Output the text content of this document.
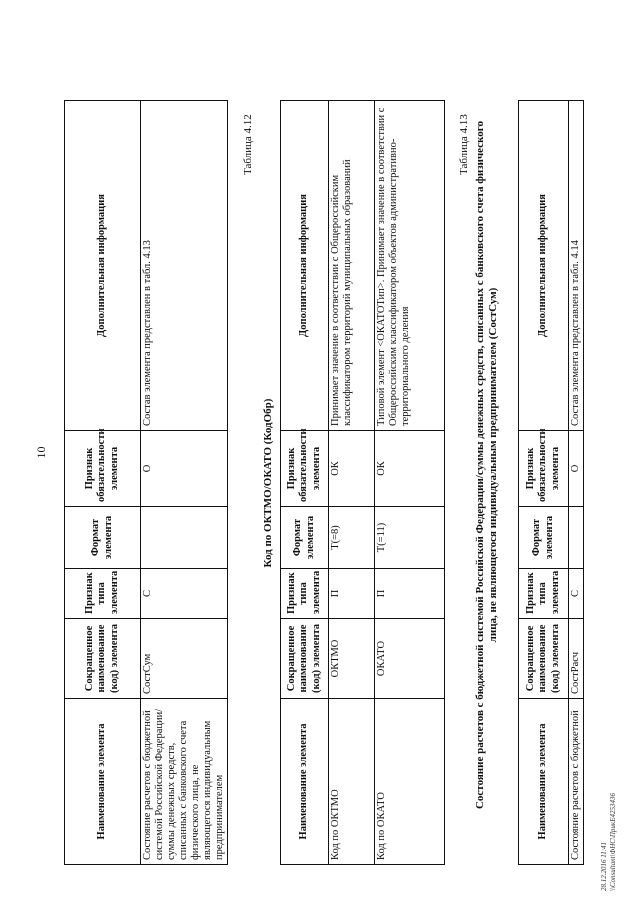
10
Наименование элемента	Сокращенное наименование (код) элемента	Признак типа элемента	Формат элемента	Признак обязательности элемента	Дополнительная информация
Состояние расчетов с бюджетной системой Российской Федерации/суммы денежных средств, списанных с банковского счета физического лица, не являющегося индивидуальным предпринимателем	СостСум	С		О	Состав элемента представлен в табл. 4.13
Таблица 4.12
Код по ОКТМО/ОКАТО (КодОбр)
Наименование элемента	Сокращенное наименование (код) элемента	Признак типа элемента	Формат элемента	Признак обязательности элемента	Дополнительная информация
Код по ОКТМО	ОКТМО	П	T(=8)	ОК	Принимает значение в соответствии с Общероссийским классификатором территорий муниципальных образований
Код по ОКАТО	ОКАТО	П	T(=11)	ОК	Типовой элемент <ОКАТОТип>. Принимает значение в соответствии с Общероссийским классификатором объектов административно-территориального деления
Таблица 4.13 Состояние расчетов с бюджетной системой Российской Федерации/суммы денежных средств, списанных с банковского счета физического лица, не являющегося индивидуальным предпринимателем (СостСум)
Наименование элемента	Сокращенное наименование (код) элемента	Признак типа элемента	Формат элемента	Признак обязательности элемента	Дополнительная информация
Состояние расчетов с бюджетной	СостРасч	С		О	Состав элемента представлен в табл. 4.14
28.12.2016 11:41 \\Consultant\ФНС\ПрикЕ4253436
